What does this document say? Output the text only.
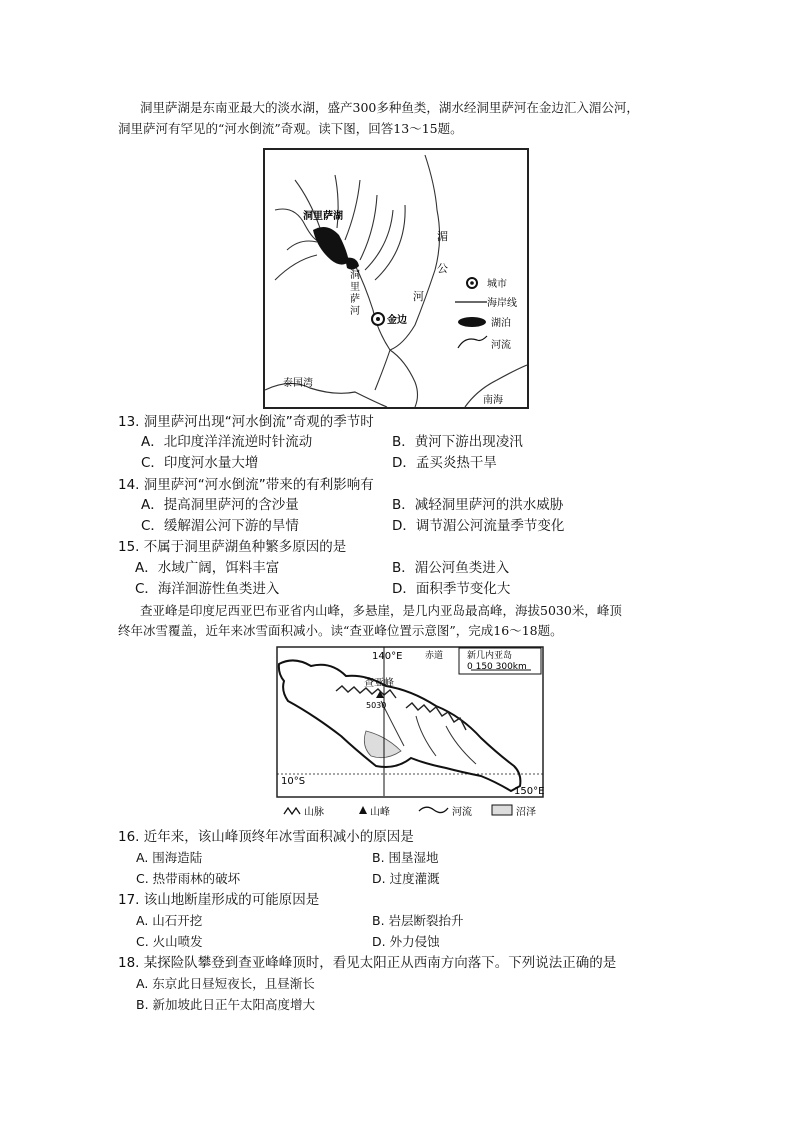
洞里萨湖是东南亚最大的淡水湖，盛产300多种鱼类，湖水经洞里萨河在金边汇入湄公河，
洞里萨河有罕见的“河水倒流”奇观。读下图，回答13～15题。
洞里萨湖
洞
里
萨
河
湄
公
河
金边
泰国湾
南海
城市
海岸线
湖泊
河流
13. 洞里萨河出现“河水倒流”奇观的季节时
A．北印度洋洋流逆时针流动	B．黄河下游出现凌汛
C．印度河水量大增	D．孟买炎热干旱
14. 洞里萨河“河水倒流”带来的有利影响有
A．提高洞里萨河的含沙量	B．减轻洞里萨河的洪水威胁
C．缓解湄公河下游的旱情	D．调节湄公河流量季节变化
15. 不属于洞里萨湖鱼种繁多原因的是
A．水域广阔，饵料丰富	B．湄公河鱼类进入
C．海洋洄游性鱼类进入	D．面积季节变化大
查亚峰是印度尼西亚巴布亚省内山峰，多悬崖，是几内亚岛最高峰，海拔5030米，峰顶
终年冰雪覆盖，近年来冰雪面积减小。读“查亚峰位置示意图”，完成16～18题。
140°E	赤道	新几内亚岛
0 150 300km
查亚峰
5030
10°S
150°E
山脉	山峰	河流	沼泽
16. 近年来，该山峰顶终年冰雪面积减小的原因是
A. 围海造陆	B. 围垦湿地
C. 热带雨林的破坏	D. 过度灌溉
17. 该山地断崖形成的可能原因是
A. 山石开挖	B. 岩层断裂抬升
C. 火山喷发	D. 外力侵蚀
18. 某探险队攀登到查亚峰峰顶时，看见太阳正从西南方向落下。下列说法正确的是
A. 东京此日昼短夜长，且昼渐长
B. 新加坡此日正午太阳高度增大
